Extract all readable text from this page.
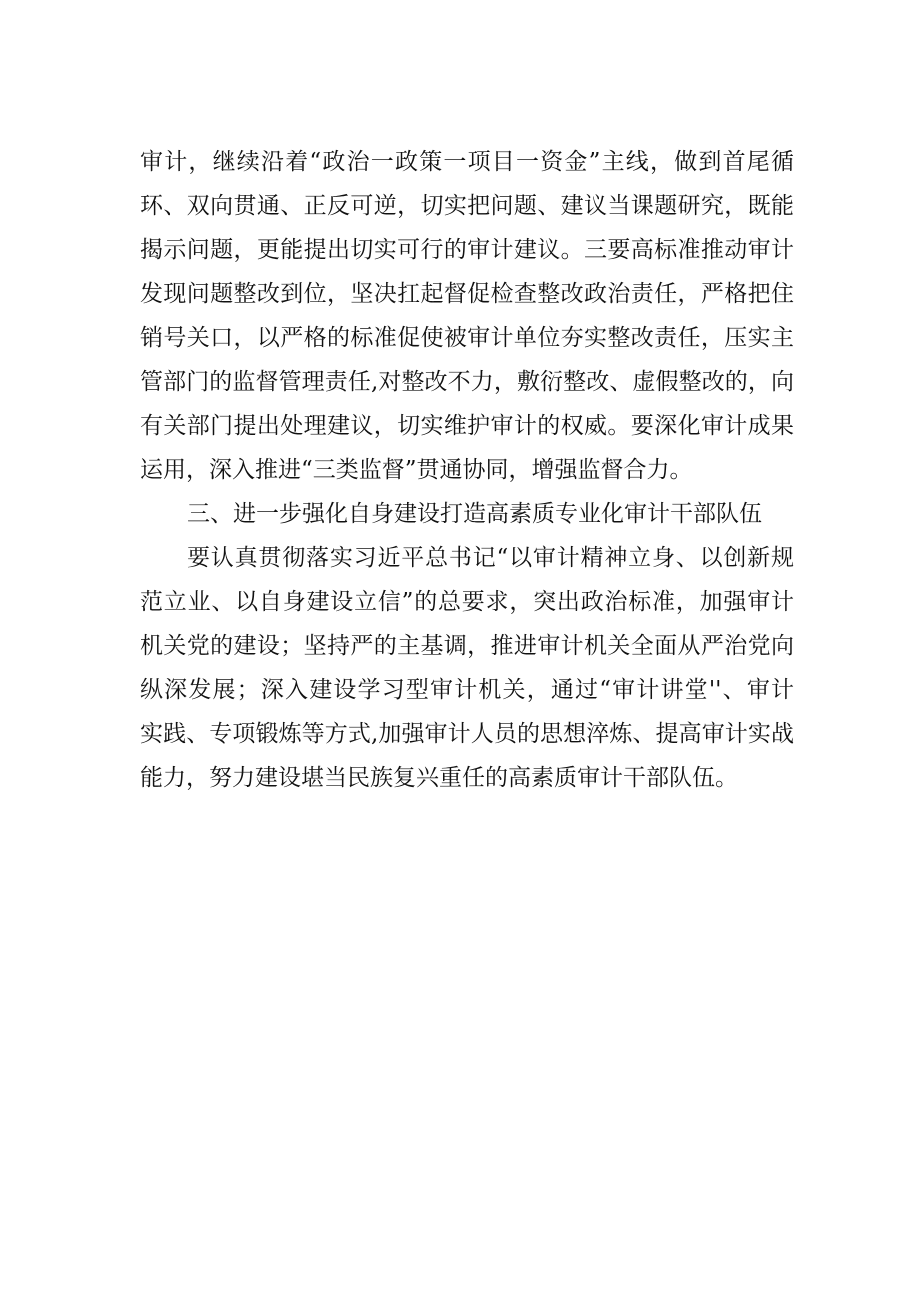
审计，继续沿着“政治一政策一项目一资金”主线，做到首尾循
环、双向贯通、正反可逆，切实把问题、建议当课题研究，既能
揭示问题，更能提出切实可行的审计建议。三要高标准推动审计
发现问题整改到位，坚决扛起督促检查整改政治责任，严格把住
销号关口，以严格的标准促使被审计单位夯实整改责任，压实主
管部门的监督管理责任,对整改不力，敷衍整改、虚假整改的，向
有关部门提出处理建议，切实维护审计的权威。要深化审计成果
运用，深入推进“三类监督”贯通协同，增强监督合力。
三、进一步强化自身建设打造高素质专业化审计干部队伍
要认真贯彻落实习近平总书记“以审计精神立身、以创新规
范立业、以自身建设立信”的总要求，突出政治标准，加强审计
机关党的建设；坚持严的主基调，推进审计机关全面从严治党向
纵深发展；深入建设学习型审计机关，通过“审计讲堂''、审计
实践、专项锻炼等方式,加强审计人员的思想淬炼、提高审计实战
能力，努力建设堪当民族复兴重任的高素质审计干部队伍。
